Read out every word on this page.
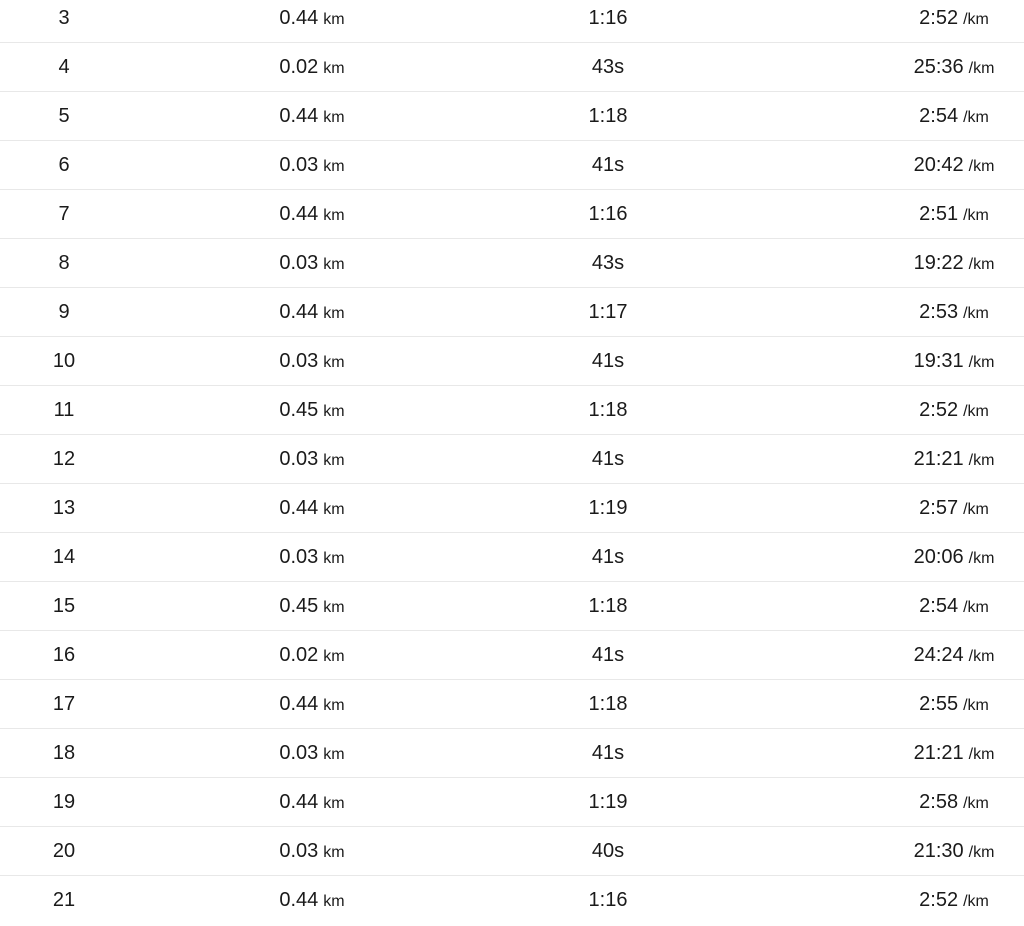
3	0.44 km	1:16	2:52 /km
4	0.02 km	43s	25:36 /km
5	0.44 km	1:18	2:54 /km
6	0.03 km	41s	20:42 /km
7	0.44 km	1:16	2:51 /km
8	0.03 km	43s	19:22 /km
9	0.44 km	1:17	2:53 /km
10	0.03 km	41s	19:31 /km
11	0.45 km	1:18	2:52 /km
12	0.03 km	41s	21:21 /km
13	0.44 km	1:19	2:57 /km
14	0.03 km	41s	20:06 /km
15	0.45 km	1:18	2:54 /km
16	0.02 km	41s	24:24 /km
17	0.44 km	1:18	2:55 /km
18	0.03 km	41s	21:21 /km
19	0.44 km	1:19	2:58 /km
20	0.03 km	40s	21:30 /km
21	0.44 km	1:16	2:52 /km
